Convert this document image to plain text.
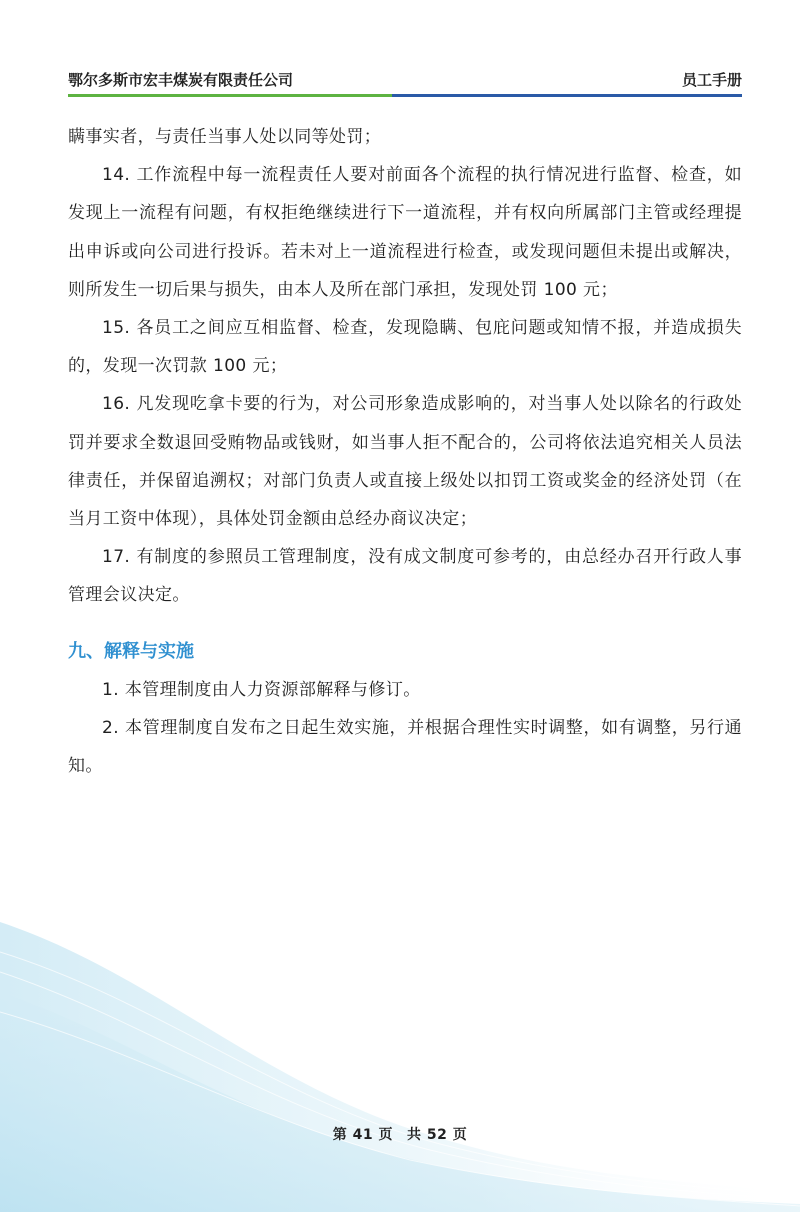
鄂尔多斯市宏丰煤炭有限责任公司	员工手册

瞒事实者，与责任当事人处以同等处罚；

14. 工作流程中每一流程责任人要对前面各个流程的执行情况进行监督、检查，如发现上一流程有问题，有权拒绝继续进行下一道流程，并有权向所属部门主管或经理提出申诉或向公司进行投诉。若未对上一道流程进行检查，或发现问题但未提出或解决，则所发生一切后果与损失，由本人及所在部门承担，发现处罚 100 元；

15. 各员工之间应互相监督、检查，发现隐瞒、包庇问题或知情不报，并造成损失的，发现一次罚款 100 元；

16. 凡发现吃拿卡要的行为，对公司形象造成影响的，对当事人处以除名的行政处罚并要求全数退回受贿物品或钱财，如当事人拒不配合的，公司将依法追究相关人员法律责任，并保留追溯权；对部门负责人或直接上级处以扣罚工资或奖金的经济处罚（在当月工资中体现），具体处罚金额由总经办商议决定；

17. 有制度的参照员工管理制度，没有成文制度可参考的，由总经办召开行政人事管理会议决定。

九、解释与实施

1. 本管理制度由人力资源部解释与修订。

2. 本管理制度自发布之日起生效实施，并根据合理性实时调整，如有调整，另行通知。

第 41 页 共 52 页
